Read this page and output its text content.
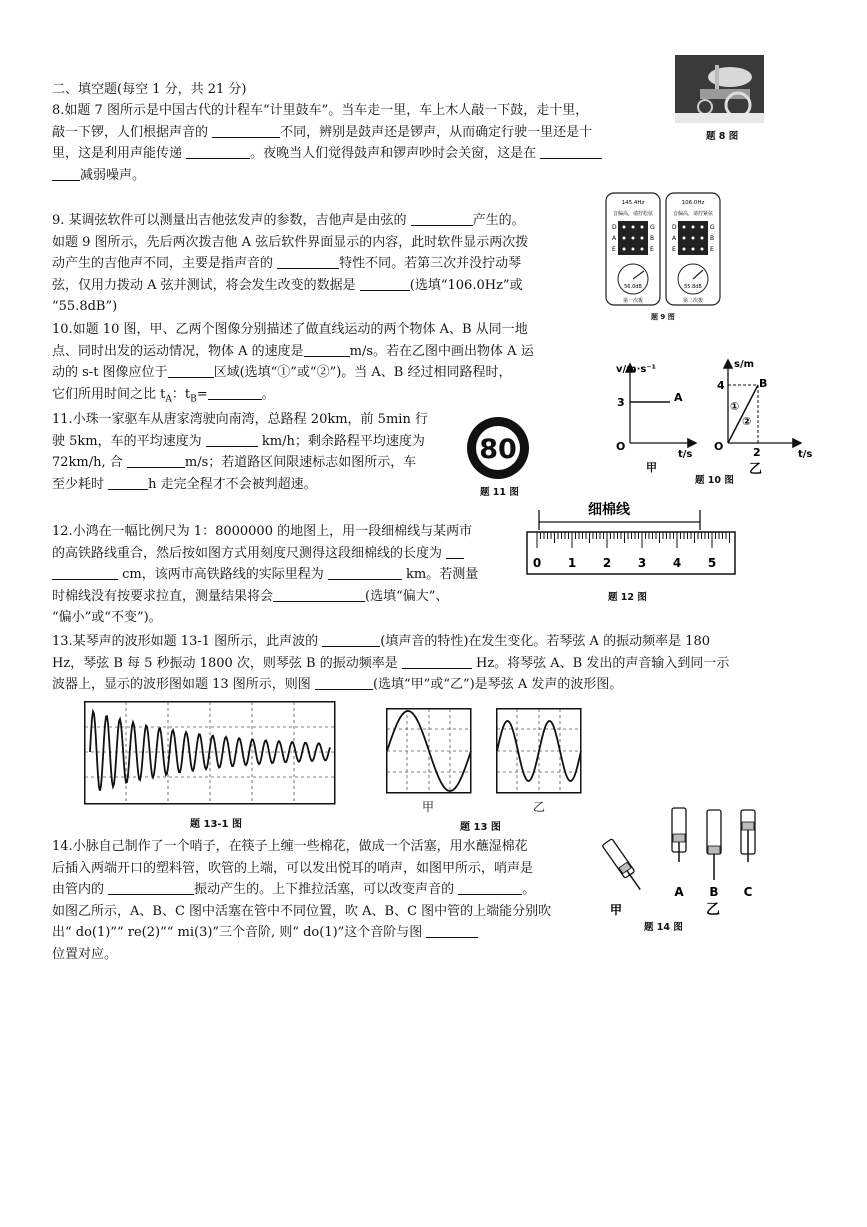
二、填空题(每空 1 分，共 21 分)

8.如题 7 图所示是中国古代的计程车“计里鼓车”。当车走一里，车上木人敲一下鼓，走十里，

敲一下锣，人们根据声音的	不同，辨别是鼓声还是锣声，从而确定行驶一里还是十

里，这是利用声能传递	。夜晚当人们觉得鼓声和锣声吵时会关窗，这是在

减弱噪声。

题 8 图

9. 某调弦软件可以测量出吉他弦发声的参数，吉他声是由弦的	产生的。

如题 9 图所示，先后两次拨吉他 A 弦后软件界面显示的内容，此时软件显示两次拨

动产生的吉他声不同，主要是指声音的	特性不同。若第三次并没拧动琴

弦，仅用力拨动 A 弦并测试，将会发生改变的数据是	(选填“106.0Hz”或

“55.8dB”)

145.4Hz
音偏高，请拧松弦
D
A
E
G
B
E
56.0dB
第一次拨
106.0Hz
音偏高，请拧紧弦
D
A
E
G
B
E
55.8dB
第二次拨
题 9 图

10.如题 10 图，甲、乙两个图像分别描述了做直线运动的两个物体 A、B 从同一地

点、同时出发的运动情况，物体 A 的速度是	m/s。若在乙图中画出物体 A 运

动的 s-t 图像应位于	区域(选填“①”或“②”)。当 A、B 经过相同路程时，

它们所用时间之比 $t_A$：$t_B=$	。

v/m·s⁻¹
t/s
O
3	A
甲
s/m
t/s
O
4
2
B
①
②
乙
题 10 图

11.小珠一家驱车从唐家湾驶向南湾，总路程 20km，前 5min 行

驶 5km，车的平均速度为	km/h；剩余路程平均速度为

72km/h, 合	m/s；若道路区间限速标志如图所示，车

至少耗时	h 走完全程才不会被判超速。

80
题 11 图

12.小鸿在一幅比例尺为 1：8000000 的地图上，用一段细棉线与某两市

的高铁路线重合，然后按如图方式用刻度尺测得这段细棉线的长度为

cm，该两市高铁路线的实际里程为	km。若测量

时棉线没有按要求拉直，测量结果将会	(选填“偏大”、

“偏小”或“不变”)。

细棉线
0 1 2 3 4 5
题 12 图

13.某琴声的波形如题 13-1 图所示，此声波的	(填声音的特性)在发生变化。若琴弦 A 的振动频率是 180

Hz，琴弦 B 每 5 秒振动 1800 次，则琴弦 B 的振动频率是	Hz。将琴弦 A、B 发出的声音输入到同一示

波器上，显示的波形图如题 13 图所示，则图	(选填“甲”或“乙”)是琴弦 A 发声的波形图。

题 13-1 图
甲	乙
题 13 图

14.小脉自己制作了一个哨子，在筷子上缠一些棉花，做成一个活塞，用水蘸湿棉花

后插入两端开口的塑料管，吹管的上端，可以发出悦耳的哨声，如图甲所示，哨声是

由管内的	振动产生的。上下推拉活塞，可以改变声音的	。

如图乙所示，A、B、C 图中活塞在管中不同位置，吹 A、B、C 图中管的上端能分别吹

出“ do(1)”“ re(2)”“ mi(3)”三个音阶, 则“ do(1)”这个音阶与图

位置对应。

A B C
甲	乙
题 14 图
